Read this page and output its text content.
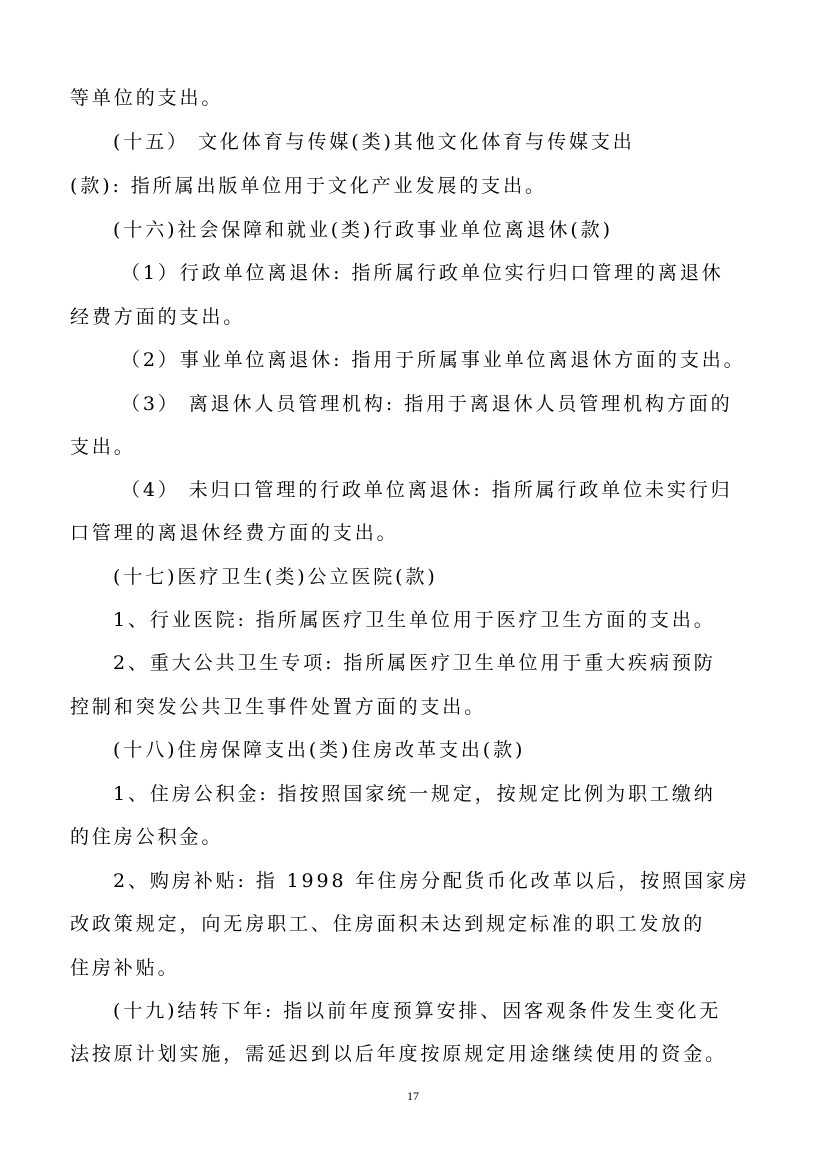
等单位的支出。
(十五） 文化体育与传媒(类)其他文化体育与传媒支出
(款): 指所属出版单位用于文化产业发展的支出。
(十六)社会保障和就业(类)行政事业单位离退休(款)
（1）行政单位离退休: 指所属行政单位实行归口管理的离退休
经费方面的支出。
（2）事业单位离退休: 指用于所属事业单位离退休方面的支出。
（3） 离退休人员管理机构: 指用于离退休人员管理机构方面的
支出。
（4） 未归口管理的行政单位离退休: 指所属行政单位未实行归
口管理的离退休经费方面的支出。
(十七)医疗卫生(类)公立医院(款)
1、行业医院: 指所属医疗卫生单位用于医疗卫生方面的支出。
2、重大公共卫生专项: 指所属医疗卫生单位用于重大疾病预防
控制和突发公共卫生事件处置方面的支出。
(十八)住房保障支出(类)住房改革支出(款)
1、住房公积金: 指按照国家统一规定，按规定比例为职工缴纳
的住房公积金。
2、购房补贴: 指 1998 年住房分配货币化改革以后，按照国家房
改政策规定，向无房职工、住房面积未达到规定标准的职工发放的
住房补贴。
(十九)结转下年: 指以前年度预算安排、因客观条件发生变化无
法按原计划实施，需延迟到以后年度按原规定用途继续使用的资金。
17
